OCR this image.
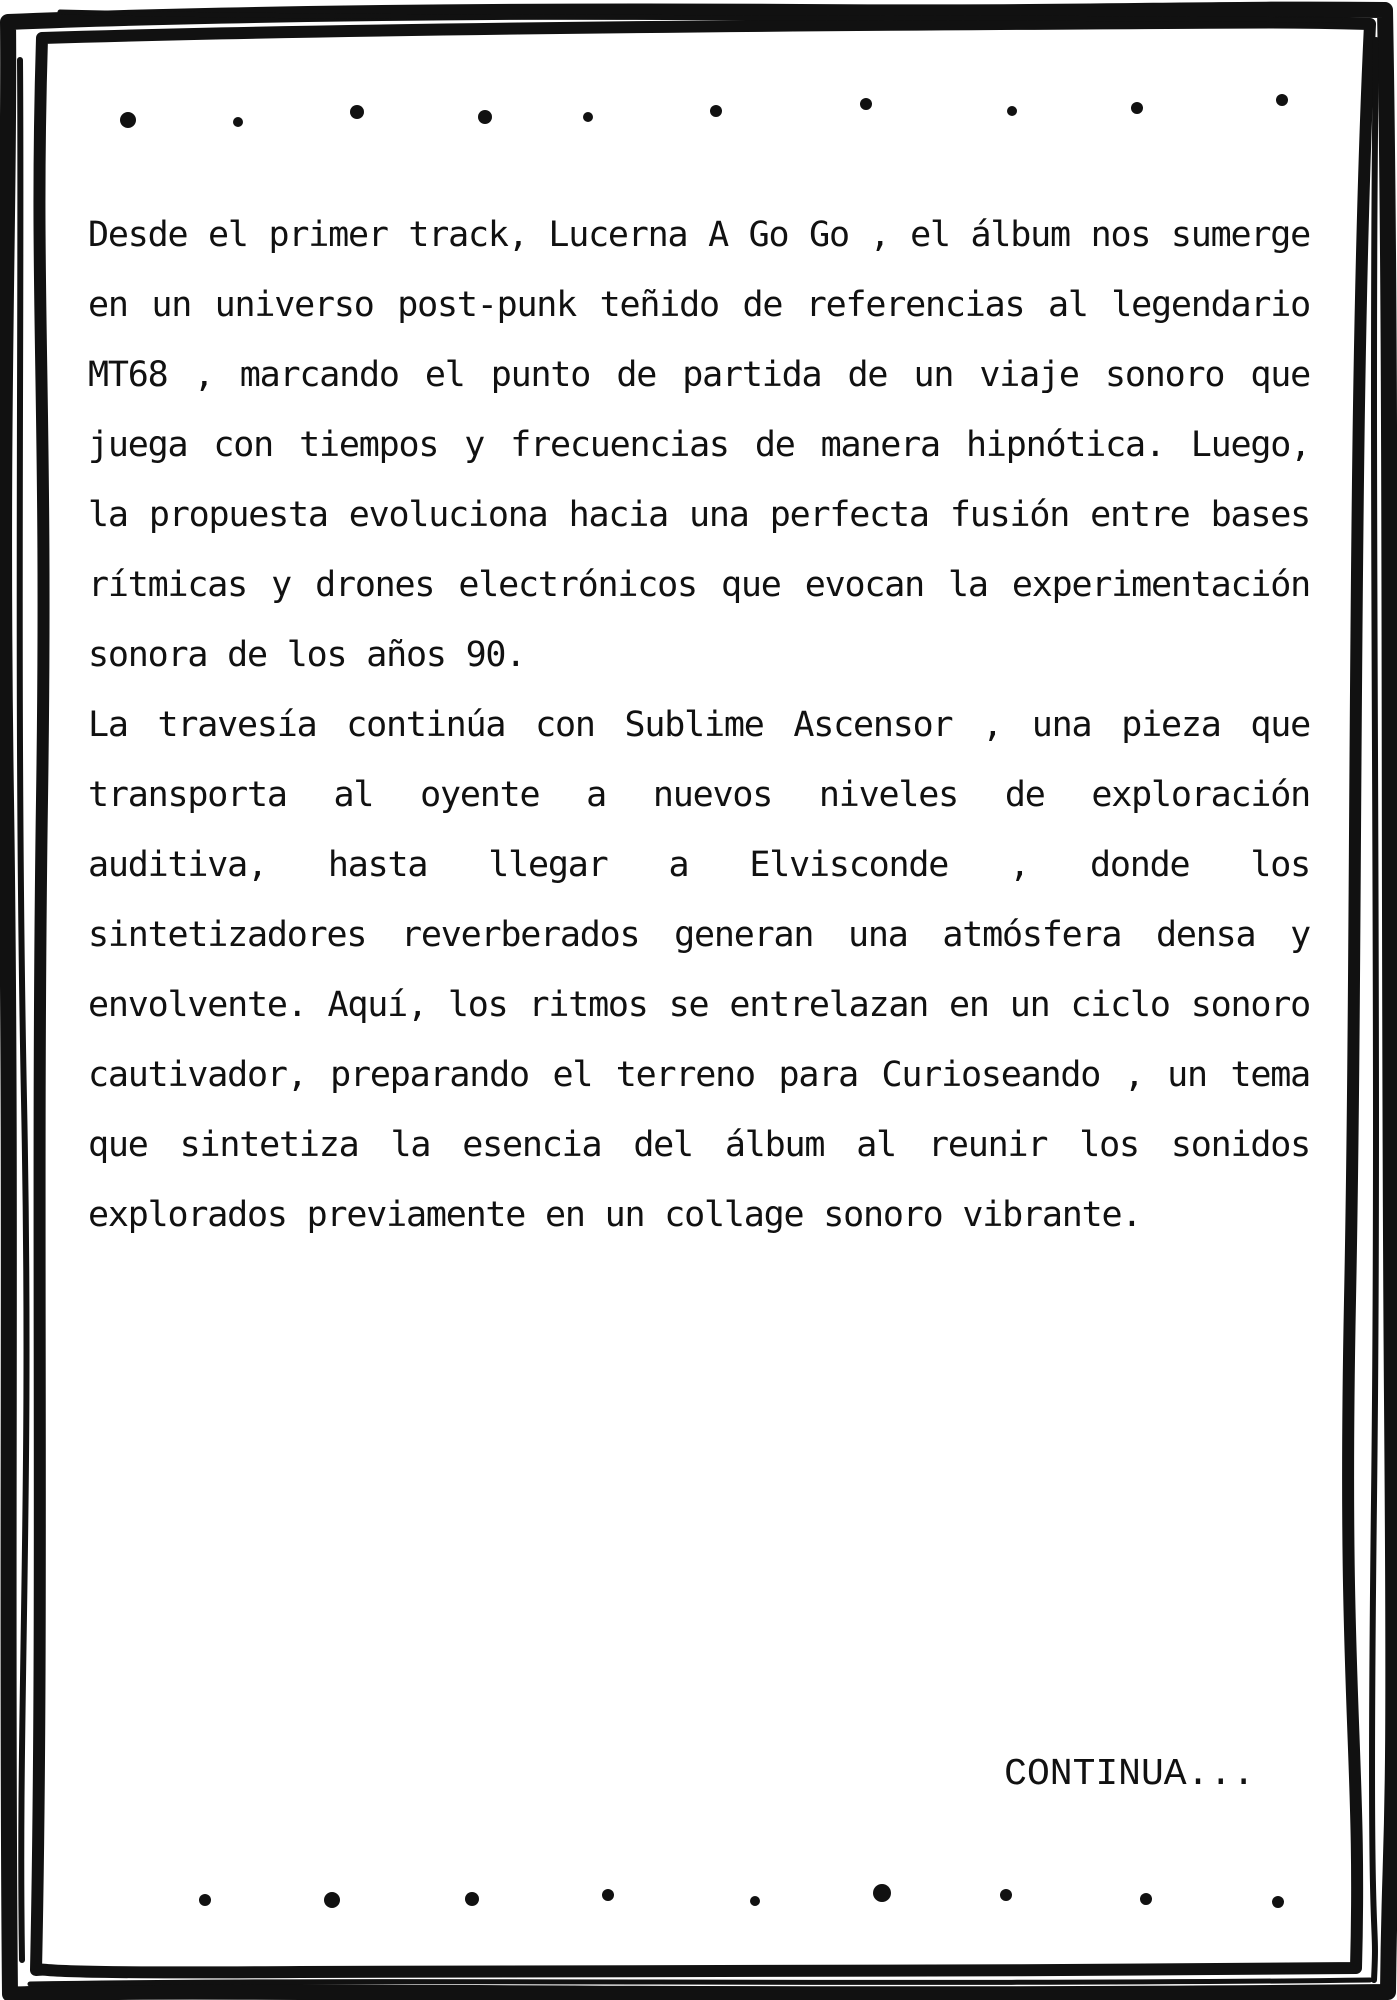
Desde el primer track, Lucerna A Go Go , el álbum nos sumerge en un universo post-punk teñido de referencias al legendario MT68 , marcando el punto de partida de un viaje sonoro que juega con tiempos y frecuencias de manera hipnótica. Luego, la propuesta evoluciona hacia una perfecta fusión entre bases rítmicas y drones electrónicos que evocan la experimentación sonora de los años 90.

La travesía continúa con Sublime Ascensor , una pieza que transporta al oyente a nuevos niveles de exploración auditiva, hasta llegar a Elvisconde , donde los sintetizadores reverberados generan una atmósfera densa y envolvente. Aquí, los ritmos se entrelazan en un ciclo sonoro cautivador, preparando el terreno para Curioseando , un tema que sintetiza la esencia del álbum al reunir los sonidos explorados previamente en un collage sonoro vibrante.

CONTINUA...
